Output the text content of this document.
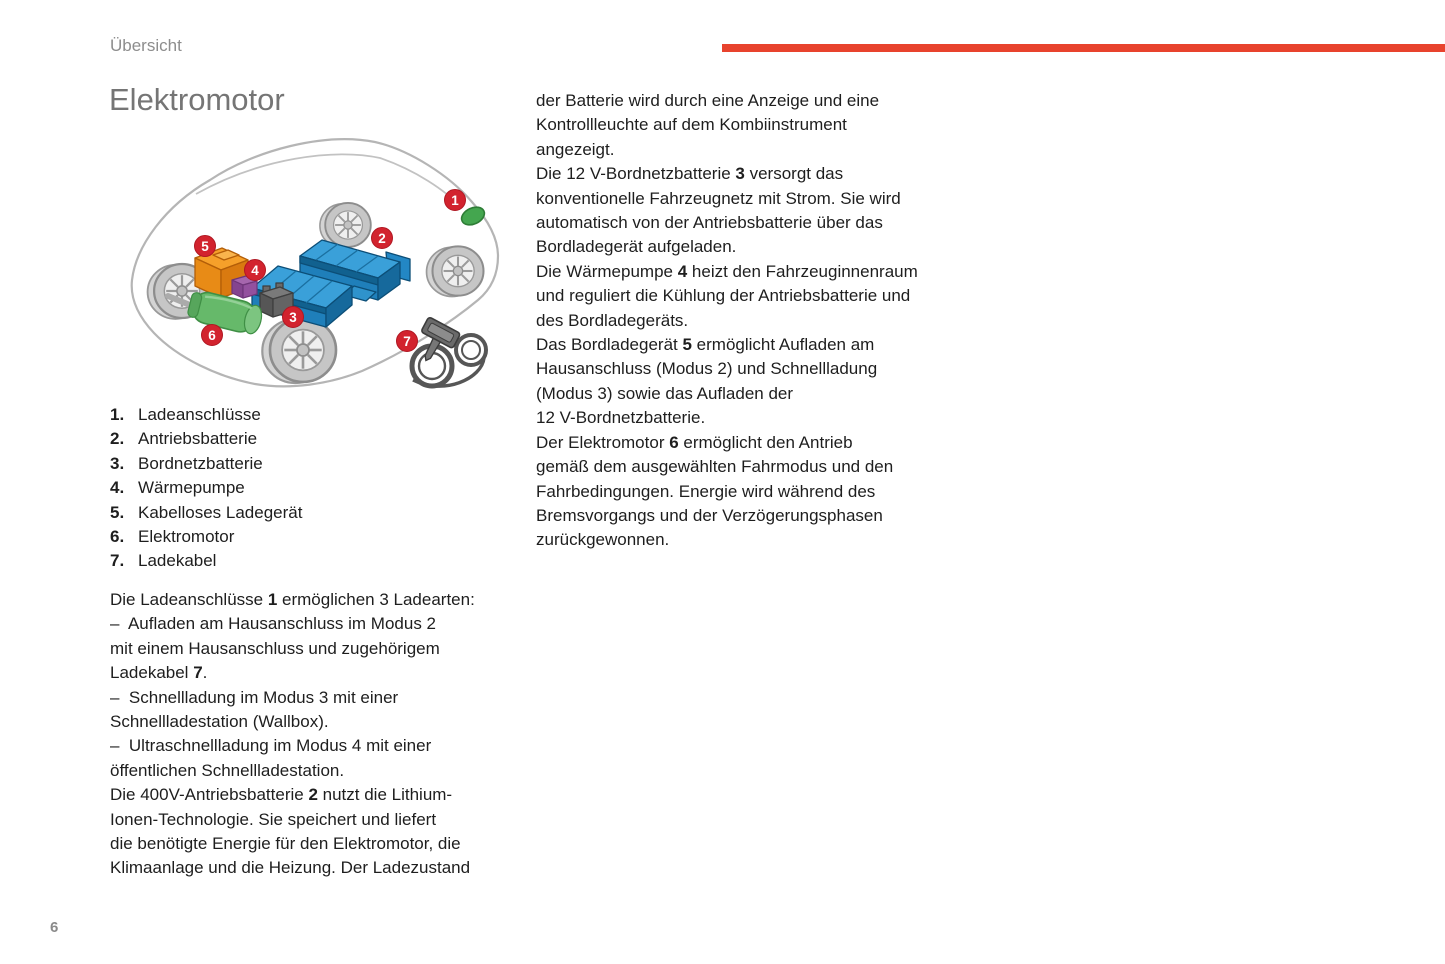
Übersicht
Elektromotor
1
2
3
4
5
6	7
1. Ladeanschlüsse
2. Antriebsbatterie
3. Bordnetzbatterie
4. Wärmepumpe
5. Kabelloses Ladegerät
6. Elektromotor
7. Ladekabel
Die Ladeanschlüsse 1 ermöglichen 3 Ladearten:
–  Aufladen am Hausanschluss im Modus 2
mit einem Hausanschluss und zugehörigem
Ladekabel 7.
–  Schnellladung im Modus 3 mit einer
Schnellladestation (Wallbox).
–  Ultraschnellladung im Modus 4 mit einer
öffentlichen Schnellladestation.
Die 400V-Antriebsbatterie 2 nutzt die Lithium-
Ionen-Technologie. Sie speichert und liefert
die benötigte Energie für den Elektromotor, die
Klimaanlage und die Heizung. Der Ladezustand
der Batterie wird durch eine Anzeige und eine
Kontrollleuchte auf dem Kombiinstrument
angezeigt.
Die 12 V-Bordnetzbatterie 3 versorgt das
konventionelle Fahrzeugnetz mit Strom. Sie wird
automatisch von der Antriebsbatterie über das
Bordladegerät aufgeladen.
Die Wärmepumpe 4 heizt den Fahrzeuginnenraum
und reguliert die Kühlung der Antriebsbatterie und
des Bordladegeräts.
Das Bordladegerät 5 ermöglicht Aufladen am
Hausanschluss (Modus 2) und Schnellladung
(Modus 3) sowie das Aufladen der
12 V-Bordnetzbatterie.
Der Elektromotor 6 ermöglicht den Antrieb
gemäß dem ausgewählten Fahrmodus und den
Fahrbedingungen. Energie wird während des
Bremsvorgangs und der Verzögerungsphasen
zurückgewonnen.
6
